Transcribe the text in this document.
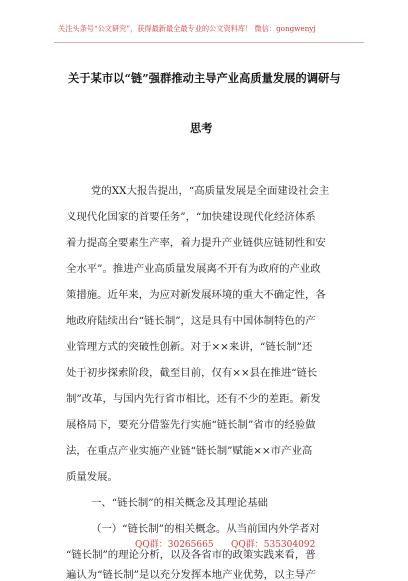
关注头条号“公文研究”，获得最新最全最专业的公文资料库！ 微信：gongwenyj
关于某市以“链”强群推动主导产业高质量发展的调研与
思考
党的XX大报告提出，“高质量发展是全面建设社会主
义现代化国家的首要任务”，“加快建设现代化经济体系
着力提高全要素生产率，着力提升产业链供应链韧性和安
全水平”。推进产业高质量发展离不开有为政府的产业政
策措施。近年来，为应对新发展环境的重大不确定性，各
地政府陆续出台“链长制”，这是具有中国体制特色的产
业管理方式的突破性创新。对于××来讲，“链长制”还
处于初步探索阶段，截至目前，仅有××县在推进“链长
制”改革，与国内先行省市相比，还有不少的差距。新发
展格局下，要充分借鉴先行实施“链长制”省市的经验做
法，在重点产业实施产业链“链长制”赋能××市产业高
质量发展。
一、“链长制”的相关概念及其理论基础
（一）“链长制”的相关概念。从当前国内外学者对
“链长制”的理论分析，以及各省市的政策实践来看，普
遍认为“链长制”是以充分发挥本地产业优势，以主导产
QQ群：30265665 QQ群：535304092
